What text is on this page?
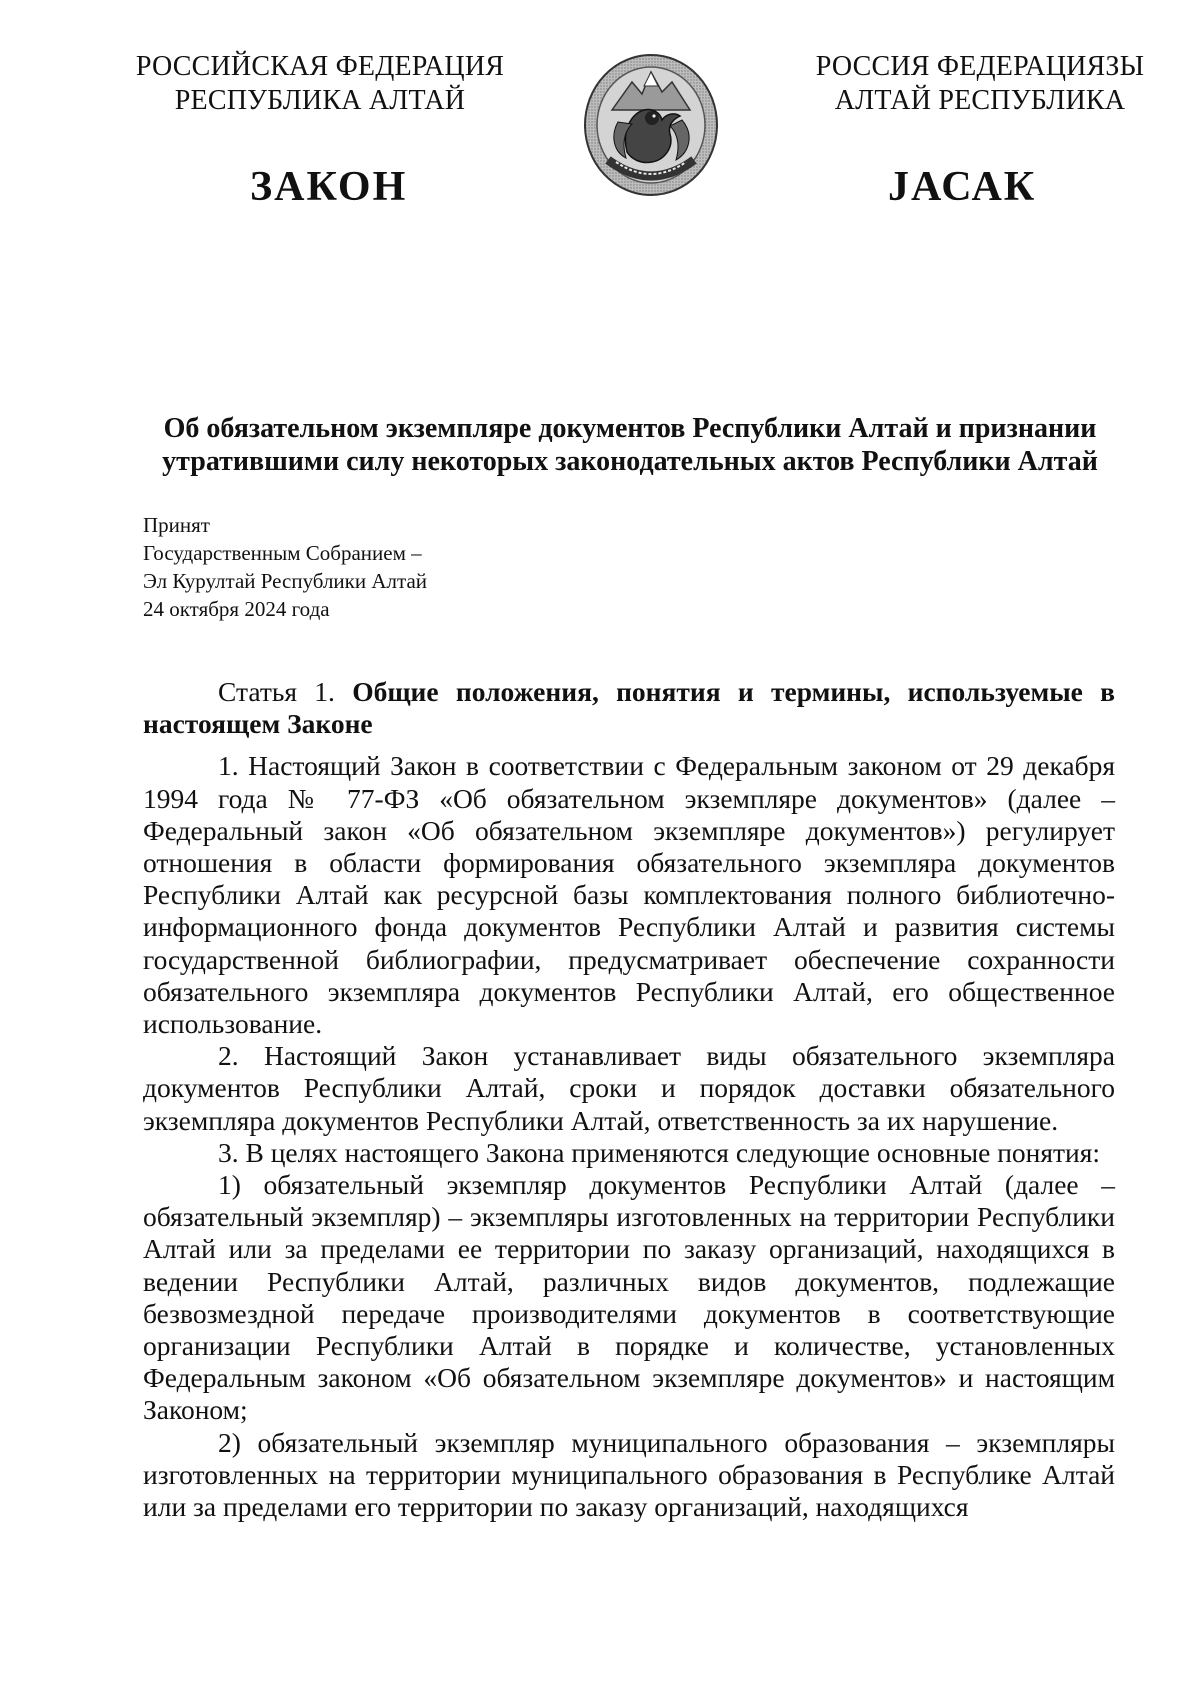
РОССИЙСКАЯ ФЕДЕРАЦИЯ
РЕСПУБЛИКА АЛТАЙ
РОССИЯ ФЕДЕРАЦИЯЗЫ
АЛТАЙ РЕСПУБЛИКА
ЗАКОН	ЈАСАК
Об обязательном экземпляре документов Республики Алтай и признании
утратившими силу некоторых законодательных актов Республики Алтай
Принят
Государственным Собранием –
Эл Курултай Республики Алтай
24 октября 2024 года

Статья 1. Общие положения, понятия и термины, используемые в настоящем Законе

1. Настоящий Закон в соответствии с Федеральным законом от 29 декабря 1994 года № 77-ФЗ «Об обязательном экземпляре документов» (далее – Федеральный закон «Об обязательном экземпляре документов») регулирует отношения в области формирования обязательного экземпляра документов Республики Алтай как ресурсной базы комплектования полного библиотечно-информационного фонда документов Республики Алтай и развития системы государственной библиографии, предусматривает обеспечение сохранности обязательного экземпляра документов Республики Алтай, его общественное использование.

2. Настоящий Закон устанавливает виды обязательного экземпляра документов Республики Алтай, сроки и порядок доставки обязательного экземпляра документов Республики Алтай, ответственность за их нарушение.

3. В целях настоящего Закона применяются следующие основные понятия:

1) обязательный экземпляр документов Республики Алтай (далее – обязательный экземпляр) – экземпляры изготовленных на территории Республики Алтай или за пределами ее территории по заказу организаций, находящихся в ведении Республики Алтай, различных видов документов, подлежащие безвозмездной передаче производителями документов в соответствующие организации Республики Алтай в порядке и количестве, установленных Федеральным законом «Об обязательном экземпляре документов» и настоящим Законом;

2) обязательный экземпляр муниципального образования – экземпляры изготовленных на территории муниципального образования в Республике Алтай или за пределами его территории по заказу организаций, находящихся
